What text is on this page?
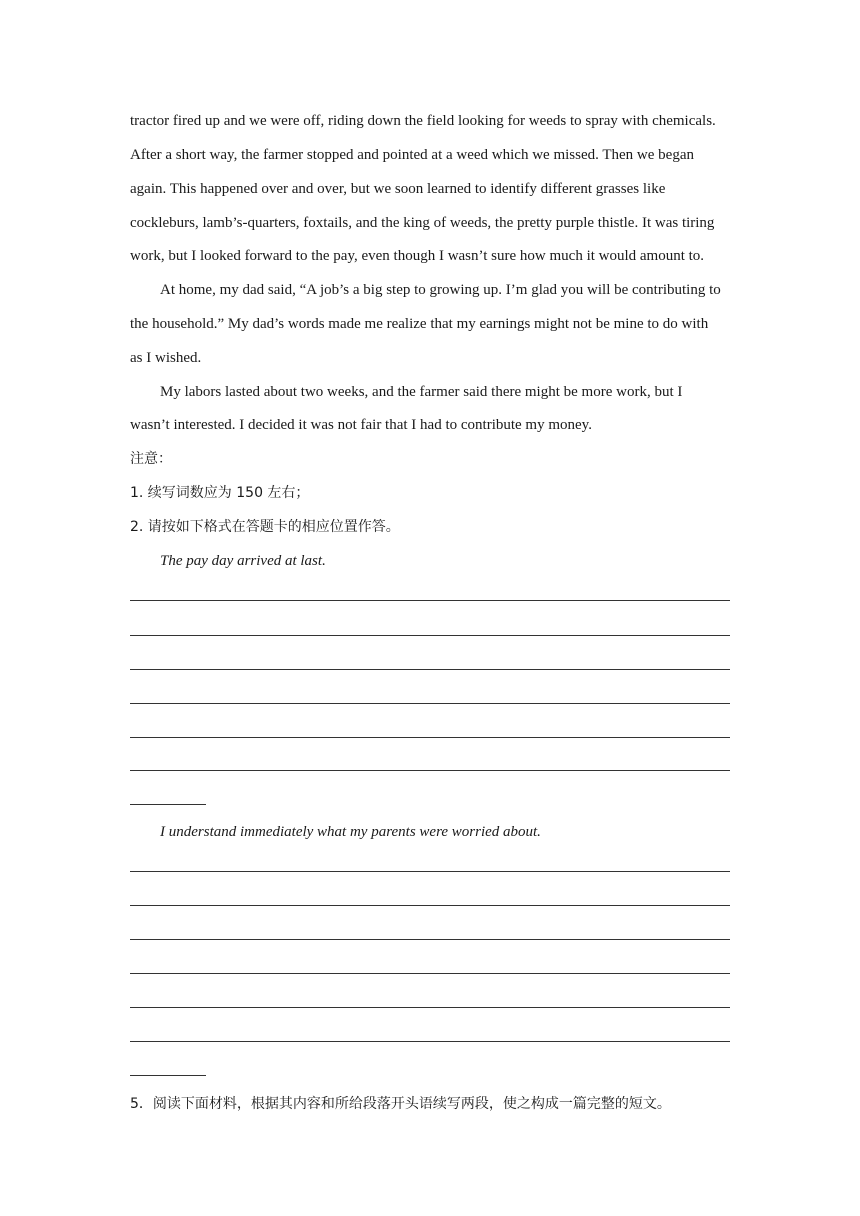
tractor fired up and we were off, riding down the field looking for weeds to spray with chemicals.
After a short way, the farmer stopped and pointed at a weed which we missed. Then we began
again. This happened over and over, but we soon learned to identify different grasses like
cockleburs, lamb’s-quarters, foxtails, and the king of weeds, the pretty purple thistle. It was tiring
work, but I looked forward to the pay, even though I wasn’t sure how much it would amount to.
At home, my dad said, “A job’s a big step to growing up. I’m glad you will be contributing to
the household.” My dad’s words made me realize that my earnings might not be mine to do with
as I wished.
My labors lasted about two weeks, and the farmer said there might be more work, but I
wasn’t interested. I decided it was not fair that I had to contribute my money.
注意：
1. 续写词数应为 150 左右；
2. 请按如下格式在答题卡的相应位置作答。
The pay day arrived at last.
I understand immediately what my parents were worried about.
5．阅读下面材料，根据其内容和所给段落开头语续写两段，使之构成一篇完整的短文。
